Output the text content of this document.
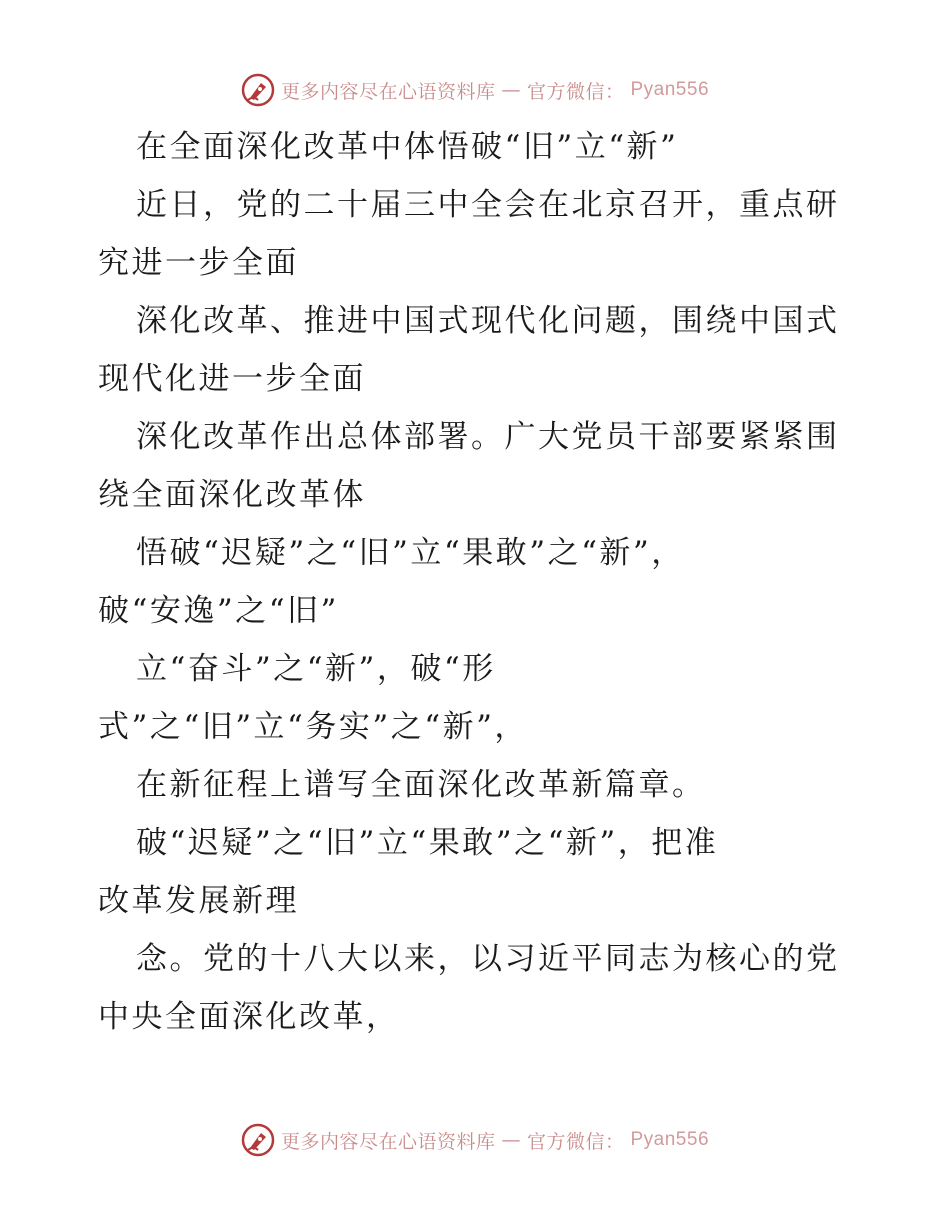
更多内容尽在心语资料库 — 官方微信： Pyan556
在全面深化改革中体悟破“旧”立“新”
近日，党的二十届三中全会在北京召开，重点研
究进一步全面
深化改革、推进中国式现代化问题，围绕中国式
现代化进一步全面
深化改革作出总体部署。广大党员干部要紧紧围
绕全面深化改革体
悟破“迟疑”之“旧”立“果敢”之“新”，
破“安逸”之“旧”
立“奋斗”之“新”，破“形
式”之“旧”立“务实”之“新”，
在新征程上谱写全面深化改革新篇章。
破“迟疑”之“旧”立“果敢”之“新”，把准
改革发展新理
念。党的十八大以来，以习近平同志为核心的党
中央全面深化改革，
更多内容尽在心语资料库 — 官方微信： Pyan556
